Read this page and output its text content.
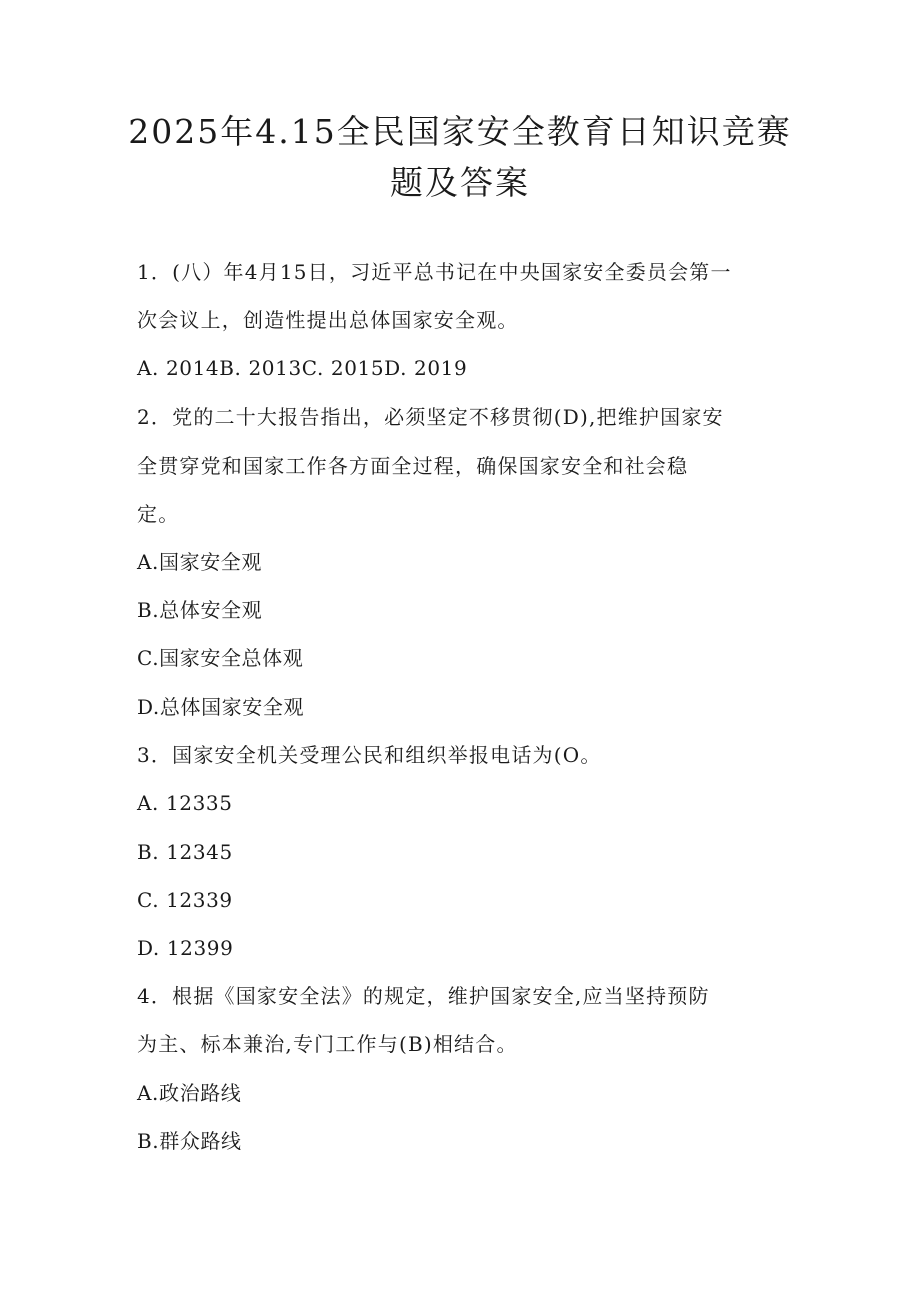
2025年4.15全民国家安全教育日知识竞赛
题及答案
1．(八）年4月15日，习近平总书记在中央国家安全委员会第一
次会议上，创造性提出总体国家安全观。
A. 2014B. 2013C. 2015D. 2019
2．党的二十大报告指出，必须坚定不移贯彻(D),把维护国家安
全贯穿党和国家工作各方面全过程，确保国家安全和社会稳
定。
A.国家安全观
B.总体安全观
C.国家安全总体观
D.总体国家安全观
3．国家安全机关受理公民和组织举报电话为(O。
A. 12335
B. 12345
C. 12339
D. 12399
4．根据《国家安全法》的规定，维护国家安全,应当坚持预防
为主、标本兼治,专门工作与(B)相结合。
A.政治路线
B.群众路线
